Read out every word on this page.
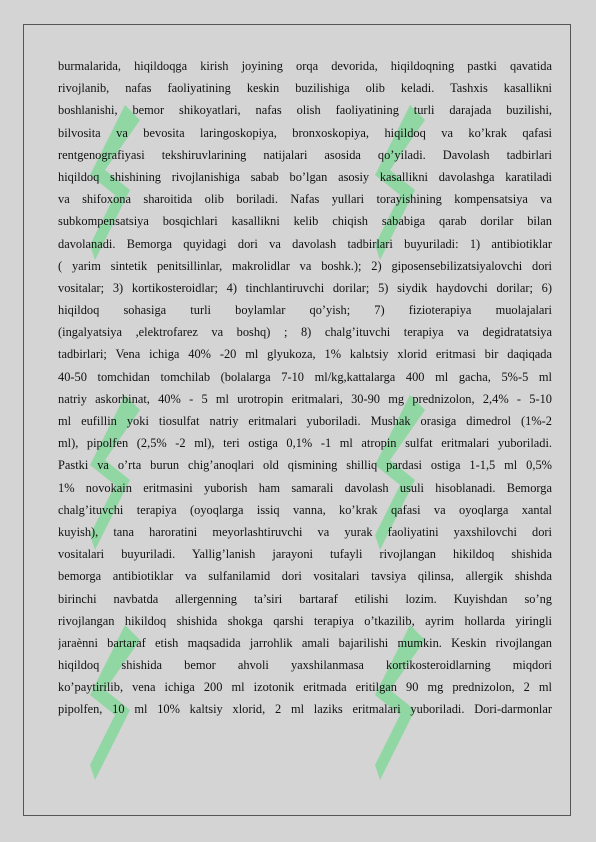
burmalarida, hiqildoqga kirish joyining orqa devorida, hiqildoqning pastki qavatida
rivojlanib, nafas faoliyatining keskin buzilishiga olib keladi. Tashxis kasallikni
boshlanishi, bemor shikoyatlari, nafas olish faoliyatining turli darajada buzilishi,
bilvosita va bevosita laringoskopiya, bronxoskopiya, hiqildoq va ko’krak qafasi
rentgenografiyasi tekshiruvlarining natijalari asosida qo’yiladi. Davolash tadbirlari
hiqildoq shishining rivojlanishiga sabab bo’lgan asosiy kasallikni davolashga karatiladi
va shifoxona sharoitida olib boriladi. Nafas yullari torayishining kompensatsiya va
subkompensatsiya bosqichlari kasallikni kelib chiqish sababiga qarab dorilar bilan
davolanadi. Bemorga quyidagi dori va davolash tadbirlari buyuriladi: 1) antibiotiklar
( yarim sintetik penitsillinlar, makrolidlar va boshk.); 2) giposensebilizatsiyalovchi dori
vositalar; 3) kortikosteroidlar; 4) tinchlantiruvchi dorilar; 5) siydik haydovchi dorilar; 6)
hiqildoq sohasiga turli boylamlar qo’yish; 7) fizioterapiya muolajalari
(ingalyatsiya ,elektrofarez va boshq) ; 8) chalg’ituvchi terapiya va degidratatsiya
tadbirlari; Vena ichiga 40% -20 ml glyukoza, 1% kalьtsiy xlorid eritmasi bir daqiqada
40-50 tomchidan tomchilab (bolalarga 7-10 ml/kg,kattalarga 400 ml gacha, 5%-5 ml
natriy askorbinat, 40% - 5 ml urotropin eritmalari, 30-90 mg prednizolon, 2,4% - 5-10
ml eufillin yoki tiosulfat natriy eritmalari yuboriladi. Mushak orasiga dimedrol (1%-2
ml), pipolfen (2,5% -2 ml), teri ostiga 0,1% -1 ml atropin sulfat eritmalari yuboriladi.
Pastki va o’rta burun chig’anoqlari old qismining shilliq pardasi ostiga 1-1,5 ml 0,5%
1% novokain eritmasini yuborish ham samarali davolash usuli hisoblanadi. Bemorga
chalg’ituvchi terapiya (oyoqlarga issiq vanna, ko’krak qafasi va oyoqlarga xantal
kuyish), tana haroratini meyorlashtiruvchi va yurak faoliyatini yaxshilovchi dori
vositalari buyuriladi. Yallig’lanish jarayoni tufayli rivojlangan hikildoq shishida
bemorga antibiotiklar va sulfanilamid dori vositalari tavsiya qilinsa, allergik shishda
birinchi navbatda allergenning ta’siri bartaraf etilishi lozim. Kuyishdan so’ng
rivojlangan hikildoq shishida shokga qarshi terapiya o’tkazilib, ayrim hollarda yiringli
jaraènni bartaraf etish maqsadida jarrohlik amali bajarilishi mumkin. Keskin rivojlangan
hiqildoq shishida bemor ahvoli yaxshilanmasa kortikosteroidlarning miqdori
ko’paytirilib, vena ichiga 200 ml izotonik eritmada eritilgan 90 mg prednizolon, 2 ml
pipolfen, 10 ml 10% kaltsiy xlorid, 2 ml laziks eritmalari yuboriladi. Dori-darmonlar
